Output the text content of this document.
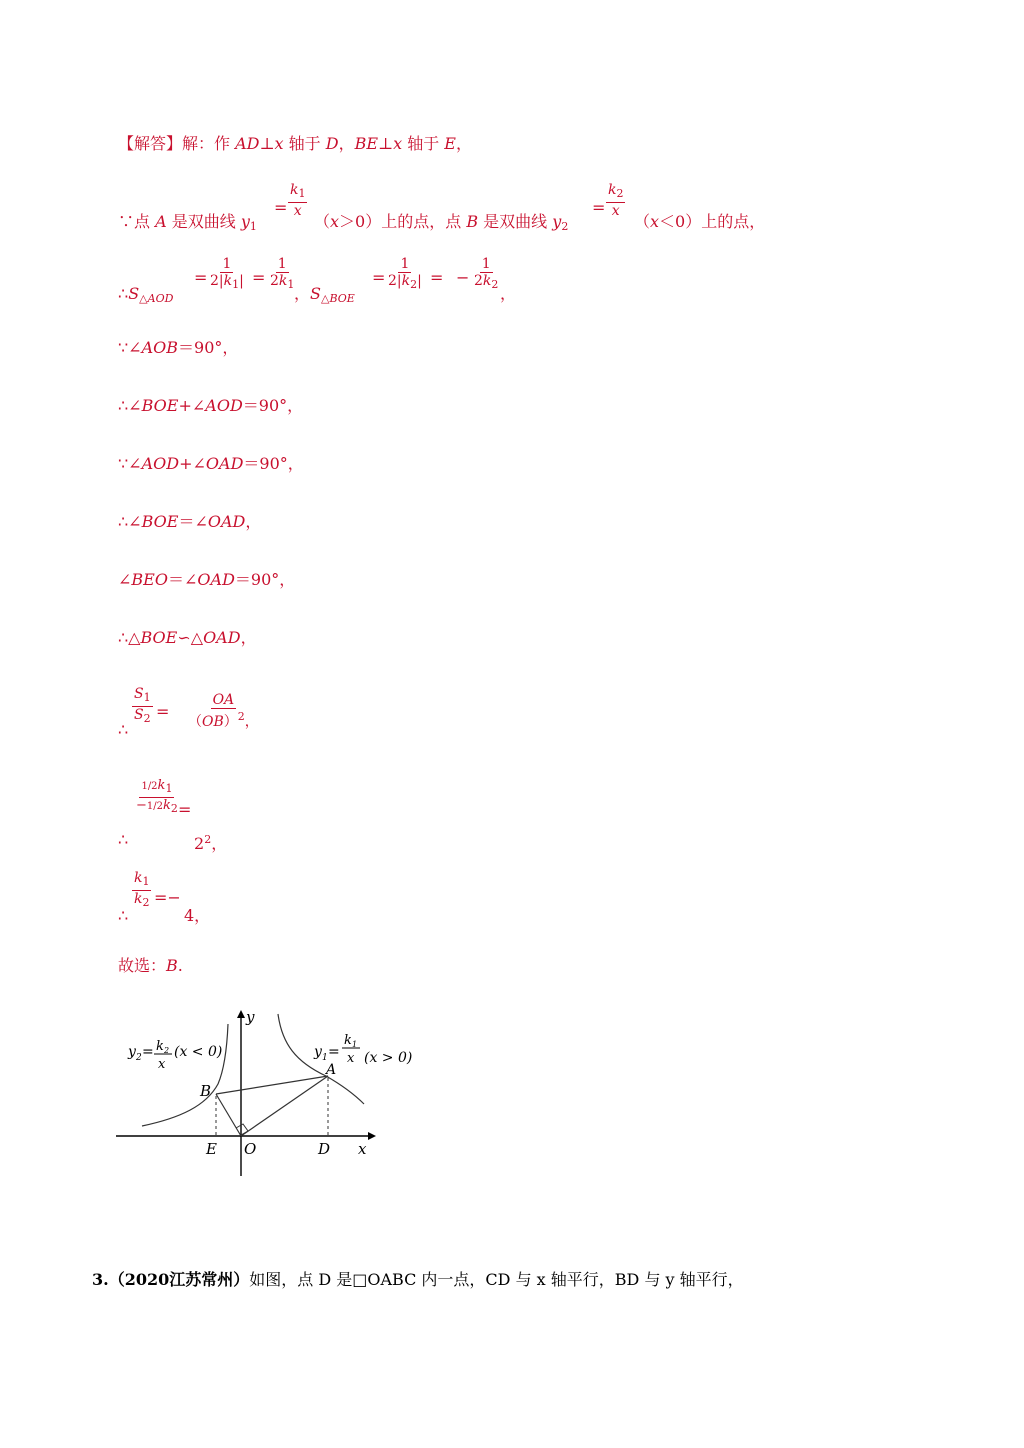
【解答】解：作 AD⊥x 轴于 D，BE⊥x 轴于 E，
∵点 A 是双曲线 $y_1$
= $\frac{k_1}{x}$
（x＞0）上的点，点 B 是双曲线 $y_2$
= $\frac{k_2}{x}$
（x＜0）上的点，
$\therefore S_{\triangle AOD}$
= $\frac{1}{2|k_1|} = \frac{1}{2k_1}$
，$S_{\triangle BOE}$
= $\frac{1}{2|k_2|}$ = − $\frac{1}{2k_2}$
，
∵∠AOB＝90°，
∴∠BOE+∠AOD＝90°，
∵∠AOD+∠OAD＝90°，
∴∠BOE＝∠OAD，
∠BEO＝∠OAD＝90°，
∴△BOE∽△OAD，
∴
$\frac{S_1}{S_2} = \frac{OA}{(OB)^2,}$
∴
$\frac{1/2k_1}{-1/2k_2}$
=
$2^2$，
∴
$\frac{k_1}{k_2}$ =−
4，
故选：B.
y
x
B
A
E O	D
y 2 = k 2
x
(x < 0)	y 1 =
k 1
x (x > 0)
3.（2020江苏常州）如图，点 D 是□OABC 内一点，CD 与 x 轴平行，BD 与 y 轴平行，
